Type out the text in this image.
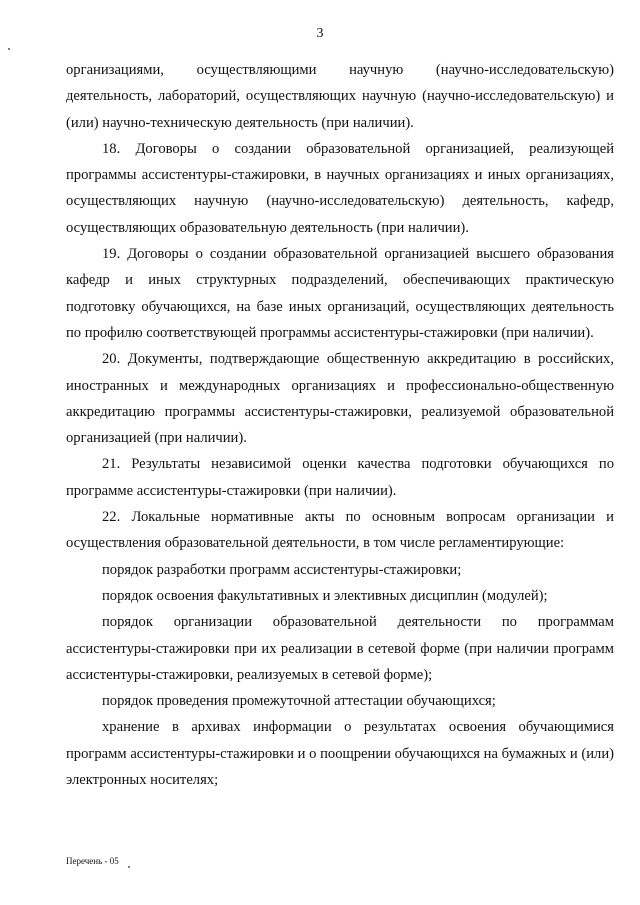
3

организациями, осуществляющими научную (научно-исследовательскую) деятельность, лабораторий, осуществляющих научную (научно-исследовательскую) и (или) научно-техническую деятельность (при наличии).

18. Договоры о создании образовательной организацией, реализующей программы ассистентуры-стажировки, в научных организациях и иных организациях, осуществляющих научную (научно-исследовательскую) деятельность, кафедр, осуществляющих образовательную деятельность (при наличии).

19. Договоры о создании образовательной организацией высшего образования кафедр и иных структурных подразделений, обеспечивающих практическую подготовку обучающихся, на базе иных организаций, осуществляющих деятельность по профилю соответствующей программы ассистентуры-стажировки (при наличии).

20. Документы, подтверждающие общественную аккредитацию в российских, иностранных и международных организациях и профессионально-общественную аккредитацию программы ассистентуры-стажировки, реализуемой образовательной организацией (при наличии).

21. Результаты независимой оценки качества подготовки обучающихся по программе ассистентуры-стажировки (при наличии).

22. Локальные нормативные акты по основным вопросам организации и осуществления образовательной деятельности, в том числе регламентирующие:

порядок разработки программ ассистентуры-стажировки;

порядок освоения факультативных и элективных дисциплин (модулей);

порядок организации образовательной деятельности по программам ассистентуры-стажировки при их реализации в сетевой форме (при наличии программ ассистентуры-стажировки, реализуемых в сетевой форме);

порядок проведения промежуточной аттестации обучающихся;

хранение в архивах информации о результатах освоения обучающимися программ ассистентуры-стажировки и о поощрении обучающихся на бумажных и (или) электронных носителях;

Перечень - 05
